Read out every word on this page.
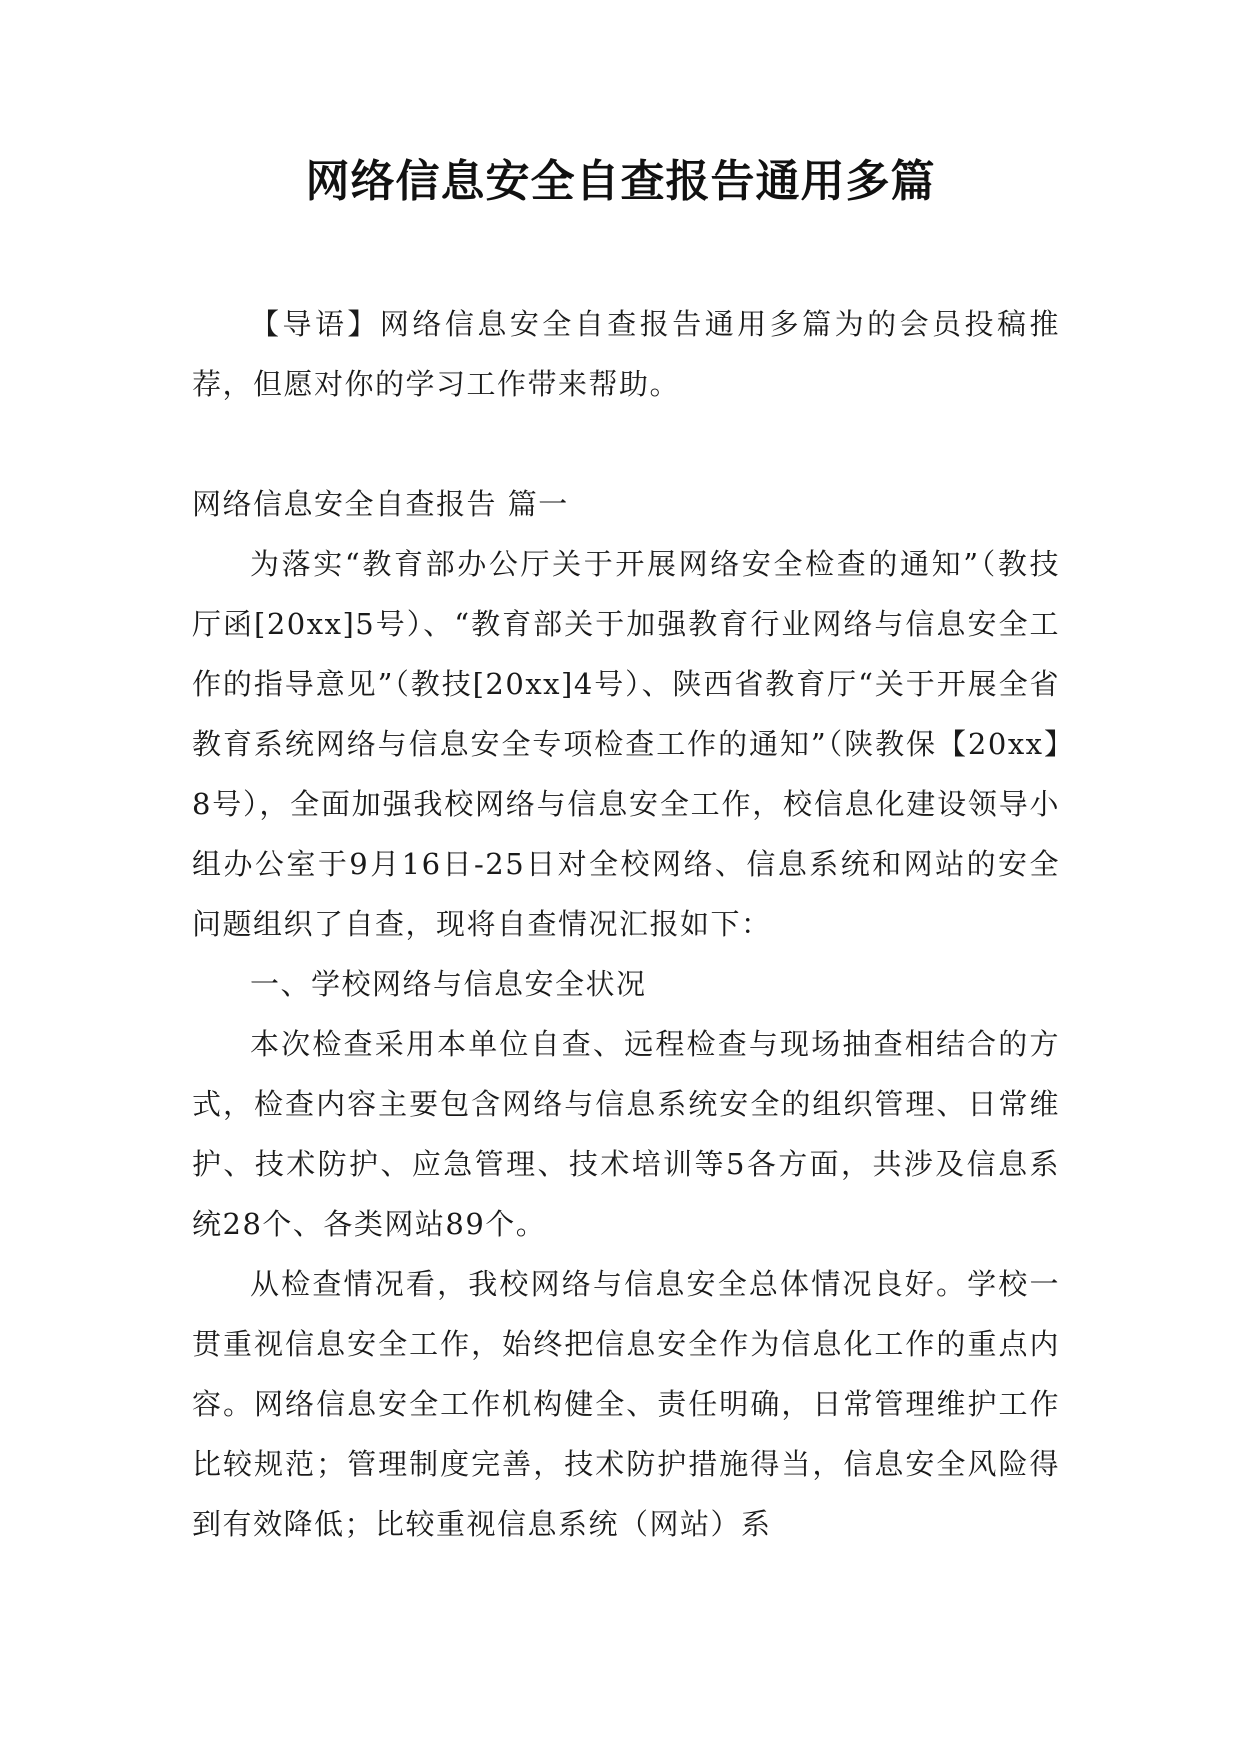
网络信息安全自查报告通用多篇

【导语】网络信息安全自查报告通用多篇为的会员投稿推荐，但愿对你的学习工作带来帮助。

网络信息安全自查报告 篇一

为落实“教育部办公厅关于开展网络安全检查的通知”（教技厅函[20xx]5号）、“教育部关于加强教育行业网络与信息安全工作的指导意见”（教技[20xx]4号）、陕西省教育厅“关于开展全省教育系统网络与信息安全专项检查工作的通知”（陕教保【20xx】8号），全面加强我校网络与信息安全工作，校信息化建设领导小组办公室于9月16日-25日对全校网络、信息系统和网站的安全问题组织了自查，现将自查情况汇报如下：

一、学校网络与信息安全状况

本次检查采用本单位自查、远程检查与现场抽查相结合的方式，检查内容主要包含网络与信息系统安全的组织管理、日常维护、技术防护、应急管理、技术培训等5各方面，共涉及信息系统28个、各类网站89个。

从检查情况看，我校网络与信息安全总体情况良好。学校一贯重视信息安全工作，始终把信息安全作为信息化工作的重点内容。网络信息安全工作机构健全、责任明确，日常管理维护工作比较规范；管理制度完善，技术防护措施得当，信息安全风险得到有效降低；比较重视信息系统（网站）系
